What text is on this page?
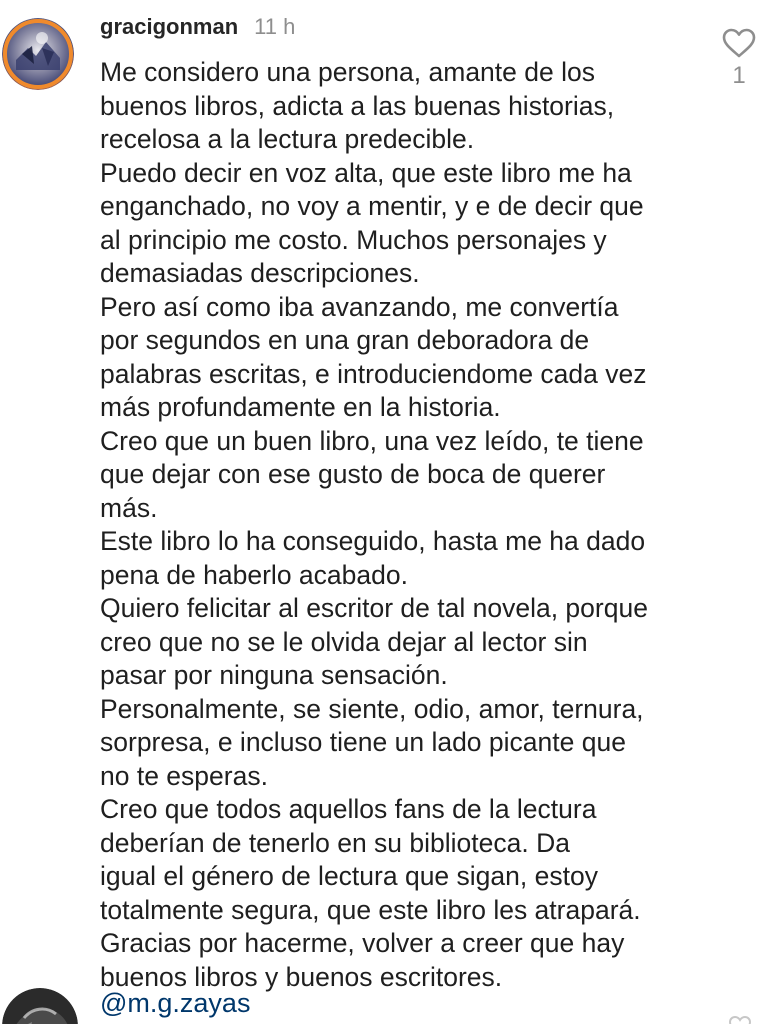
gracigonman 11 h
1
Me considero una persona, amante de los
buenos libros, adicta a las buenas historias,
recelosa a la lectura predecible.
Puedo decir en voz alta, que este libro me ha
enganchado, no voy a mentir, y e de decir que
al principio me costo. Muchos personajes y
demasiadas descripciones.
Pero así como iba avanzando, me convertía
por segundos en una gran deboradora de
palabras escritas, e introduciendome cada vez
más profundamente en la historia.
Creo que un buen libro, una vez leído, te tiene
que dejar con ese gusto de boca de querer
más.
Este libro lo ha conseguido, hasta me ha dado
pena de haberlo acabado.
Quiero felicitar al escritor de tal novela, porque
creo que no se le olvida dejar al lector sin
pasar por ninguna sensación.
Personalmente, se siente, odio, amor, ternura,
sorpresa, e incluso tiene un lado picante que
no te esperas.
Creo que todos aquellos fans de la lectura
deberían de tenerlo en su biblioteca. Da
igual el género de lectura que sigan, estoy
totalmente segura, que este libro les atrapará.
Gracias por hacerme, volver a creer que hay
buenos libros y buenos escritores.
@m.g.zayas
